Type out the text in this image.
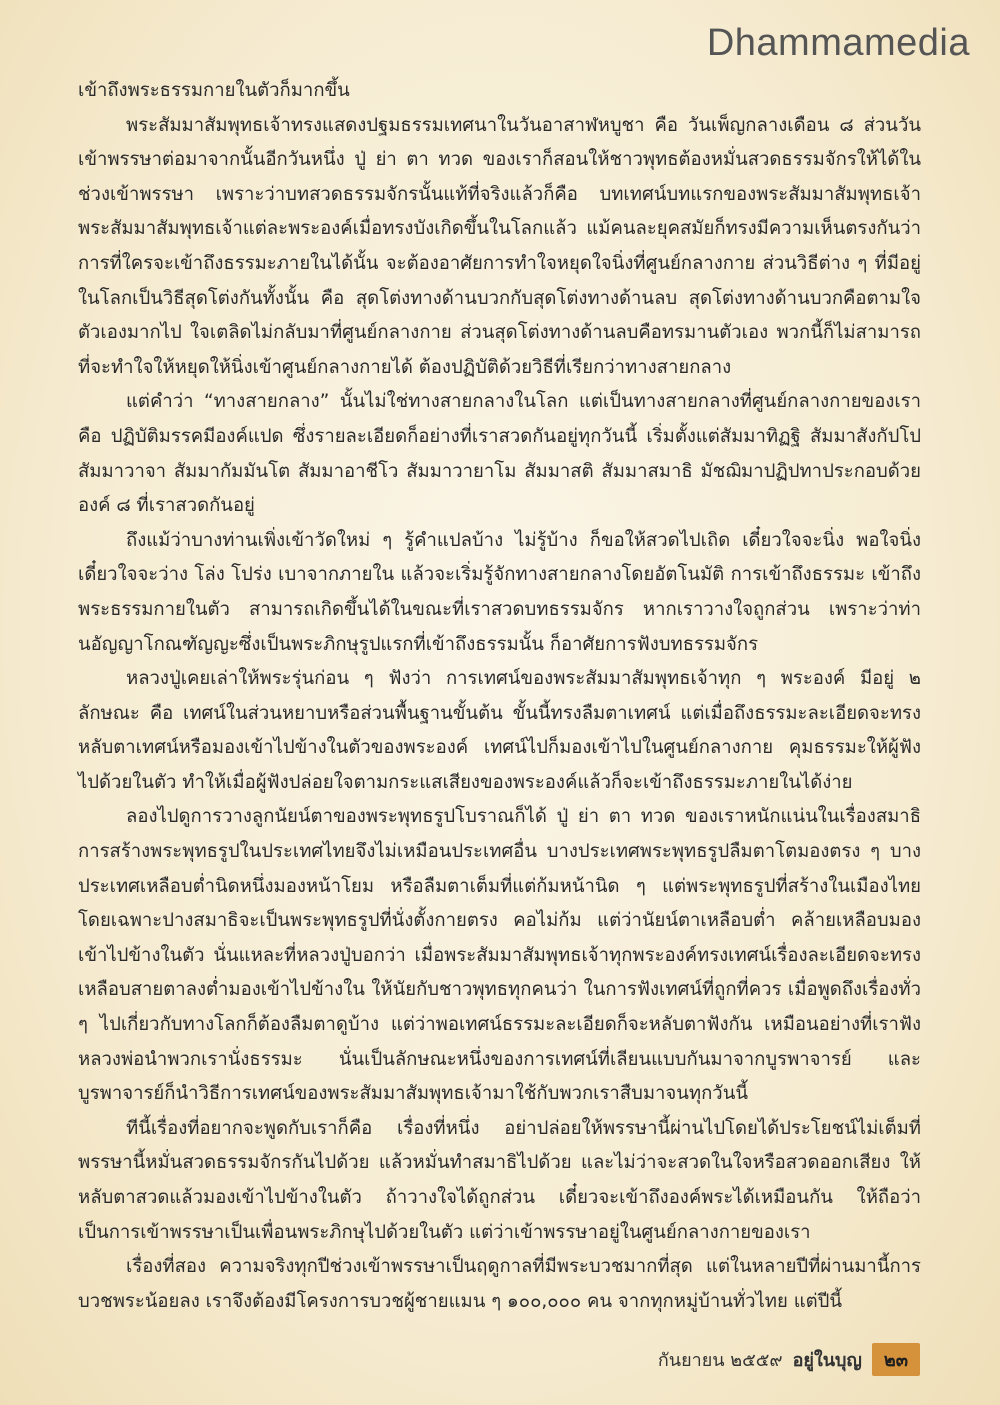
Dhammamedia

เข้าถึงพระธรรมกายในตัวก็มากขึ้น

พระสัมมาสัมพุทธเจ้าทรงแสดงปฐมธรรมเทศนาในวันอาสาฬหบูชา คือ วันเพ็ญกลางเดือน ๘ ส่วนวันเข้าพรรษาต่อมาจากนั้นอีกวันหนึ่ง ปู่ ย่า ตา ทวด ของเราก็สอนให้ชาวพุทธต้องหมั่นสวดธรรมจักรให้ได้ในช่วงเข้าพรรษา เพราะว่าบทสวดธรรมจักรนั้นแท้ที่จริงแล้วก็คือ บทเทศน์บทแรกของพระสัมมาสัมพุทธเจ้า พระสัมมาสัมพุทธเจ้าแต่ละพระองค์เมื่อทรงบังเกิดขึ้นในโลกแล้ว แม้คนละยุคสมัยก็ทรงมีความเห็นตรงกันว่า การที่ใครจะเข้าถึงธรรมะภายในได้นั้น จะต้องอาศัยการทำใจหยุดใจนิ่งที่ศูนย์กลางกาย ส่วนวิธีต่าง ๆ ที่มีอยู่ในโลกเป็นวิธีสุดโต่งกันทั้งนั้น คือ สุดโต่งทางด้านบวกกับสุดโต่งทางด้านลบ สุดโต่งทางด้านบวกคือตามใจตัวเองมากไป ใจเตลิดไม่กลับมาที่ศูนย์กลางกาย ส่วนสุดโต่งทางด้านลบคือทรมานตัวเอง พวกนี้ก็ไม่สามารถที่จะทำใจให้หยุดให้นิ่งเข้าศูนย์กลางกายได้ ต้องปฏิบัติด้วยวิธีที่เรียกว่าทางสายกลาง

แต่คำว่า “ทางสายกลาง” นั้นไม่ใช่ทางสายกลางในโลก แต่เป็นทางสายกลางที่ศูนย์กลางกายของเรา คือ ปฏิบัติมรรคมีองค์แปด ซึ่งรายละเอียดก็อย่างที่เราสวดกันอยู่ทุกวันนี้ เริ่มตั้งแต่สัมมาทิฏฐิ สัมมาสังกัปโป สัมมาวาจา สัมมากัมมันโต สัมมาอาชีโว สัมมาวายาโม สัมมาสติ สัมมาสมาธิ มัชฌิมาปฏิปทาประกอบด้วยองค์ ๘ ที่เราสวดกันอยู่

ถึงแม้ว่าบางท่านเพิ่งเข้าวัดใหม่ ๆ รู้คำแปลบ้าง ไม่รู้บ้าง ก็ขอให้สวดไปเถิด เดี๋ยวใจจะนิ่ง พอใจนิ่งเดี๋ยวใจจะว่าง โล่ง โปร่ง เบาจากภายใน แล้วจะเริ่มรู้จักทางสายกลางโดยอัตโนมัติ การเข้าถึงธรรมะ เข้าถึงพระธรรมกายในตัว สามารถเกิดขึ้นได้ในขณะที่เราสวดบทธรรมจักร หากเราวางใจถูกส่วน เพราะว่าท่านอัญญาโกณฑัญญะซึ่งเป็นพระภิกษุรูปแรกที่เข้าถึงธรรมนั้น ก็อาศัยการฟังบทธรรมจักร

หลวงปู่เคยเล่าให้พระรุ่นก่อน ๆ ฟังว่า การเทศน์ของพระสัมมาสัมพุทธเจ้าทุก ๆ พระองค์ มีอยู่ ๒ ลักษณะ คือ เทศน์ในส่วนหยาบหรือส่วนพื้นฐานขั้นต้น ขั้นนี้ทรงลืมตาเทศน์ แต่เมื่อถึงธรรมะละเอียดจะทรงหลับตาเทศน์หรือมองเข้าไปข้างในตัวของพระองค์ เทศน์ไปก็มองเข้าไปในศูนย์กลางกาย คุมธรรมะให้ผู้ฟังไปด้วยในตัว ทำให้เมื่อผู้ฟังปล่อยใจตามกระแสเสียงของพระองค์แล้วก็จะเข้าถึงธรรมะภายในได้ง่าย

ลองไปดูการวางลูกนัยน์ตาของพระพุทธรูปโบราณก็ได้ ปู่ ย่า ตา ทวด ของเราหนักแน่นในเรื่องสมาธิ การสร้างพระพุทธรูปในประเทศไทยจึงไม่เหมือนประเทศอื่น บางประเทศพระพุทธรูปลืมตาโตมองตรง ๆ บางประเทศเหลือบต่ำนิดหนึ่งมองหน้าโยม หรือลืมตาเต็มที่แต่ก้มหน้านิด ๆ แต่พระพุทธรูปที่สร้างในเมืองไทย โดยเฉพาะปางสมาธิจะเป็นพระพุทธรูปที่นั่งตั้งกายตรง คอไม่ก้ม แต่ว่านัยน์ตาเหลือบต่ำ คล้ายเหลือบมองเข้าไปข้างในตัว นั่นแหละที่หลวงปู่บอกว่า เมื่อพระสัมมาสัมพุทธเจ้าทุกพระองค์ทรงเทศน์เรื่องละเอียดจะทรงเหลือบสายตาลงต่ำมองเข้าไปข้างใน ให้นัยกับชาวพุทธทุกคนว่า ในการฟังเทศน์ที่ถูกที่ควร เมื่อพูดถึงเรื่องทั่ว ๆ ไปเกี่ยวกับทางโลกก็ต้องลืมตาดูบ้าง แต่ว่าพอเทศน์ธรรมะละเอียดก็จะหลับตาฟังกัน เหมือนอย่างที่เราฟังหลวงพ่อนำพวกเรานั่งธรรมะ นั่นเป็นลักษณะหนึ่งของการเทศน์ที่เลียนแบบกันมาจากบูรพาจารย์ และบูรพาจารย์ก็นำวิธีการเทศน์ของพระสัมมาสัมพุทธเจ้ามาใช้กับพวกเราสืบมาจนทุกวันนี้

ทีนี้เรื่องที่อยากจะพูดกับเราก็คือ เรื่องที่หนึ่ง อย่าปล่อยให้พรรษานี้ผ่านไปโดยได้ประโยชน์ไม่เต็มที่ พรรษานี้หมั่นสวดธรรมจักรกันไปด้วย แล้วหมั่นทำสมาธิไปด้วย และไม่ว่าจะสวดในใจหรือสวดออกเสียง ให้หลับตาสวดแล้วมองเข้าไปข้างในตัว ถ้าวางใจได้ถูกส่วน เดี๋ยวจะเข้าถึงองค์พระได้เหมือนกัน ให้ถือว่าเป็นการเข้าพรรษาเป็นเพื่อนพระภิกษุไปด้วยในตัว แต่ว่าเข้าพรรษาอยู่ในศูนย์กลางกายของเรา

เรื่องที่สอง ความจริงทุกปีช่วงเข้าพรรษาเป็นฤดูกาลที่มีพระบวชมากที่สุด แต่ในหลายปีที่ผ่านมานี้การบวชพระน้อยลง เราจึงต้องมีโครงการบวชผู้ชายแมน ๆ ๑๐๐,๐๐๐ คน จากทุกหมู่บ้านทั่วไทย แต่ปีนี้

กันยายน ๒๕๕๙ อยู่ในบุญ	๒๓
